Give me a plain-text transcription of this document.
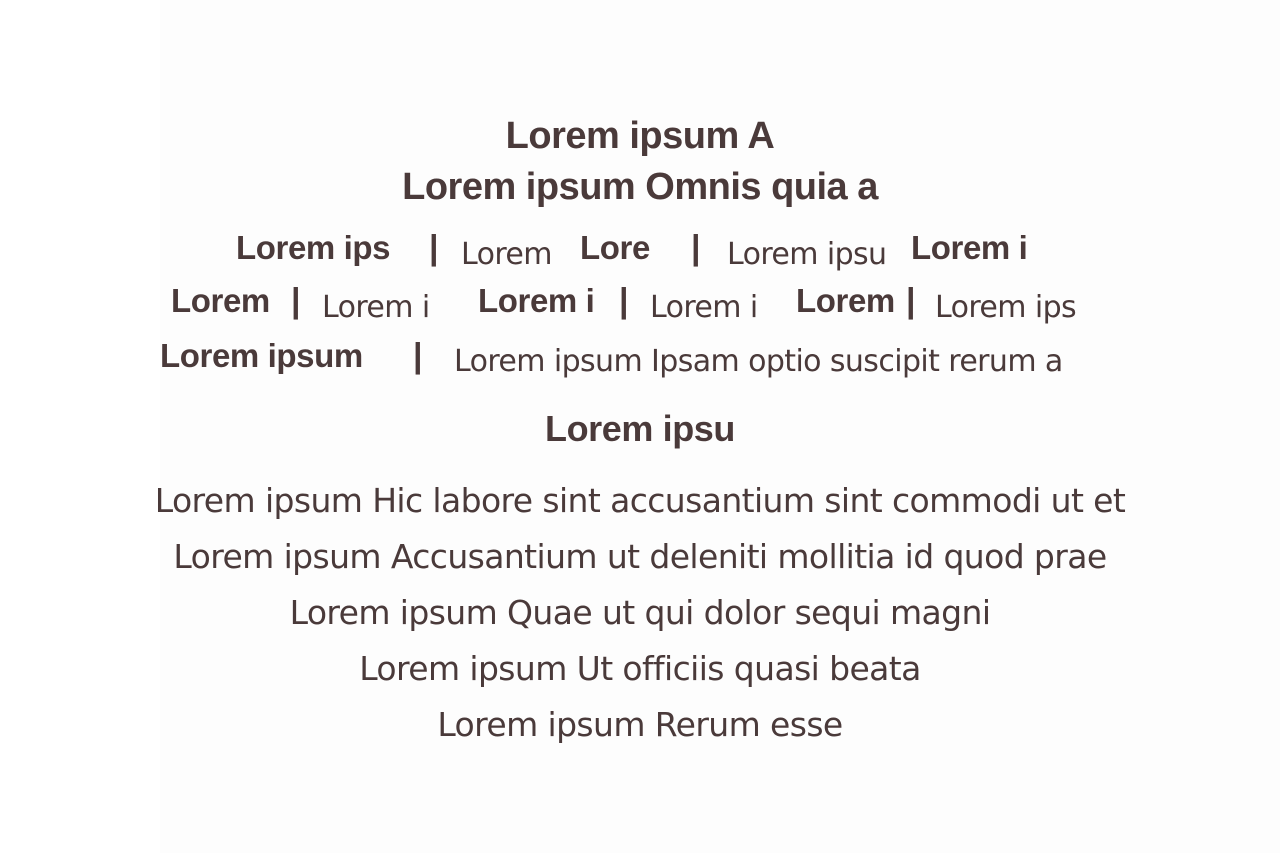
Lorem ipsum A
Lorem ipsum Omnis quia a
Lorem ips | Lorem Lore | Lorem ipsu Lorem i
Lorem | Lorem i Lorem i | Lorem i Lorem | Lorem ips
Lorem ipsum | Lorem ipsum Ipsam optio suscipit rerum a
Lorem ipsu

Lorem ipsum Hic labore sint accusantium sint commodi ut et

Lorem ipsum Accusantium ut deleniti mollitia id quod prae

Lorem ipsum Quae ut qui dolor sequi magni

Lorem ipsum Ut officiis quasi beata

Lorem ipsum Rerum esse
